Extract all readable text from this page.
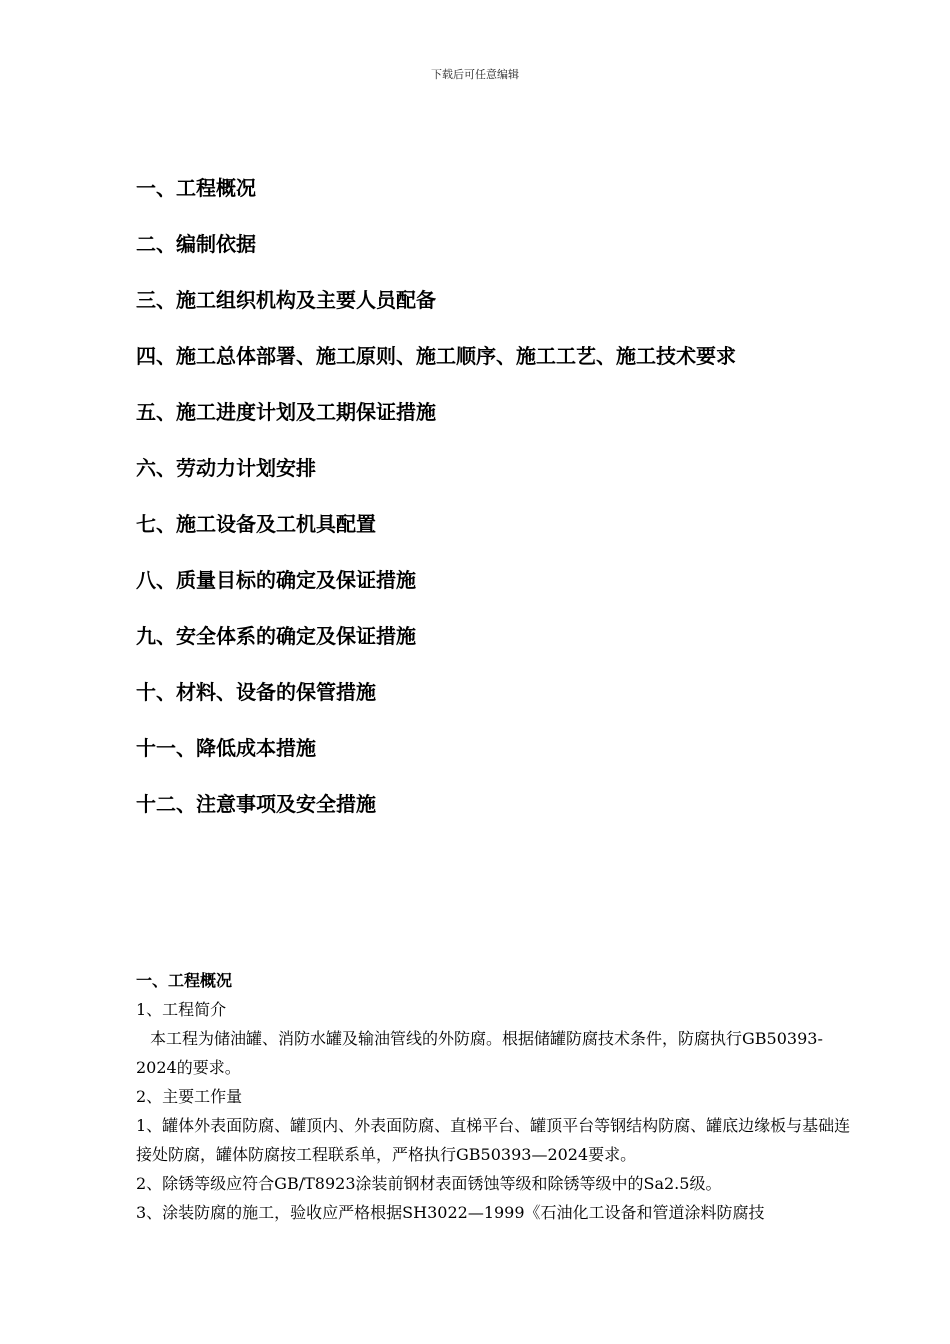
下载后可任意编辑
一、工程概况
二、编制依据
三、施工组织机构及主要人员配备
四、施工总体部署、施工原则、施工顺序、施工工艺、施工技术要求
五、施工进度计划及工期保证措施
六、劳动力计划安排
七、施工设备及工机具配置
八、质量目标的确定及保证措施
九、安全体系的确定及保证措施
十、材料、设备的保管措施
十一、降低成本措施
十二、注意事项及安全措施

一、工程概况

1、工程简介

本工程为储油罐、消防水罐及输油管线的外防腐。根据储罐防腐技术条件，防腐执行GB50393-2024的要求。

2、主要工作量

1、罐体外表面防腐、罐顶内、外表面防腐、直梯平台、罐顶平台等钢结构防腐、罐底边缘板与基础连接处防腐，罐体防腐按工程联系单，严格执行GB50393—2024要求。

2、除锈等级应符合GB/T8923涂装前钢材表面锈蚀等级和除锈等级中的Sa2.5级。

3、涂装防腐的施工，验收应严格根据SH3022—1999《石油化工设备和管道涂料防腐技
